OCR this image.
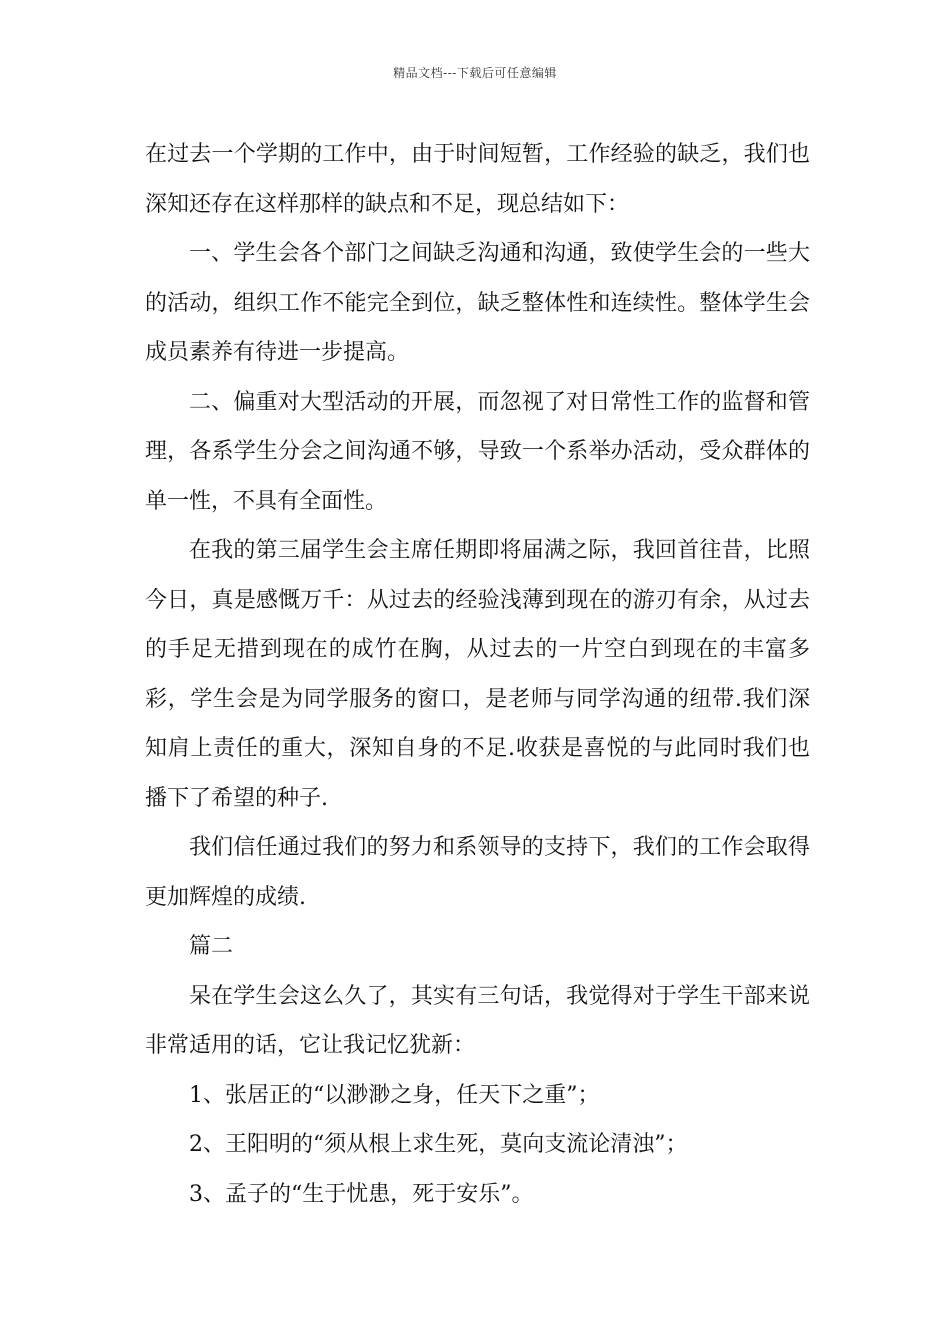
精品文档---下载后可任意编辑

在过去一个学期的工作中，由于时间短暂，工作经验的缺乏，我们也深知还存在这样那样的缺点和不足，现总结如下：

一、学生会各个部门之间缺乏沟通和沟通，致使学生会的一些大的活动，组织工作不能完全到位，缺乏整体性和连续性。整体学生会成员素养有待进一步提高。

二、偏重对大型活动的开展，而忽视了对日常性工作的监督和管理，各系学生分会之间沟通不够，导致一个系举办活动，受众群体的单一性，不具有全面性。

在我的第三届学生会主席任期即将届满之际，我回首往昔，比照今日，真是感慨万千：从过去的经验浅薄到现在的游刃有余，从过去的手足无措到现在的成竹在胸，从过去的一片空白到现在的丰富多彩，学生会是为同学服务的窗口，是老师与同学沟通的纽带.我们深知肩上责任的重大，深知自身的不足.收获是喜悦的与此同时我们也播下了希望的种子.

我们信任通过我们的努力和系领导的支持下，我们的工作会取得更加辉煌的成绩.

篇二

呆在学生会这么久了，其实有三句话，我觉得对于学生干部来说非常适用的话，它让我记忆犹新：

1、张居正的“以渺渺之身，任天下之重”；

2、王阳明的“须从根上求生死，莫向支流论清浊”；

3、孟子的“生于忧患，死于安乐”。
